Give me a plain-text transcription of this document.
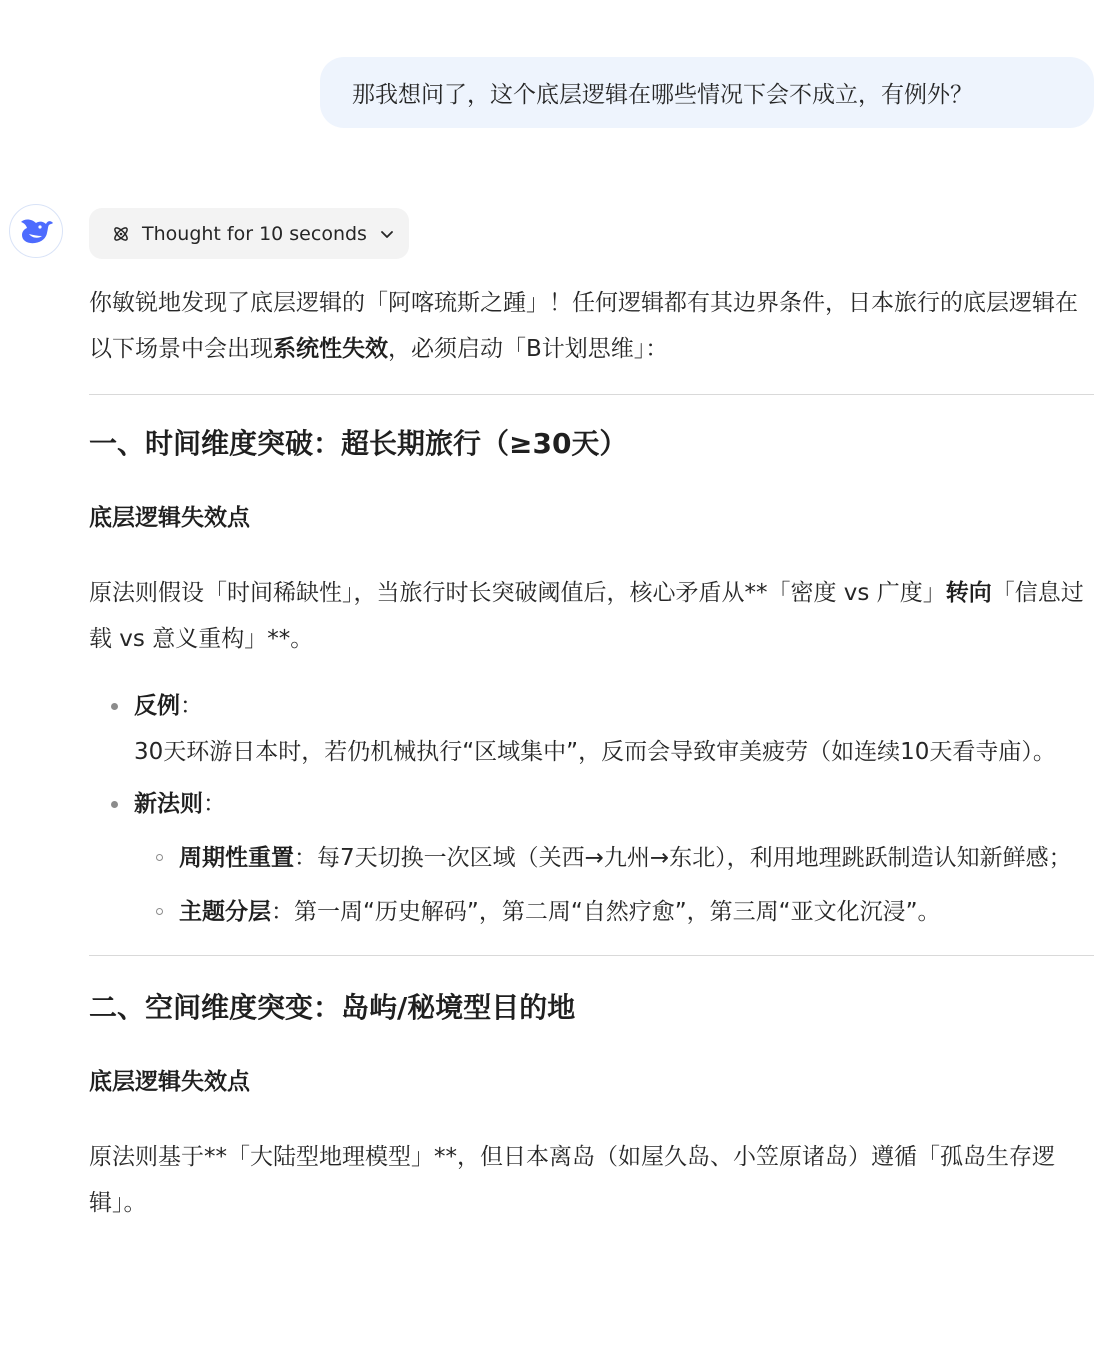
那我想问了，这个底层逻辑在哪些情况下会不成立，有例外？
Thought for 10 seconds

你敏锐地发现了底层逻辑的「阿喀琉斯之踵」！任何逻辑都有其边界条件，日本旅行的底层逻辑在以下场景中会出现系统性失效，必须启动「B计划思维」：

一、时间维度突破：超长期旅行（≥30天）
底层逻辑失效点

原法则假设「时间稀缺性」，当旅行时长突破阈值后，核心矛盾从**「密度 vs 广度」转向「信息过载 vs 意义重构」**。

反例：
30天环游日本时，若仍机械执行“区域集中”，反而会导致审美疲劳（如连续10天看寺庙）。
新法则：
周期性重置：每7天切换一次区域（关西→九州→东北），利用地理跳跃制造认知新鲜感；
主题分层：第一周“历史解码”，第二周“自然疗愈”，第三周“亚文化沉浸”。
二、空间维度突变：岛屿/秘境型目的地
底层逻辑失效点

原法则基于**「大陆型地理模型」**，但日本离岛（如屋久岛、小笠原诸岛）遵循「孤岛生存逻辑」。
